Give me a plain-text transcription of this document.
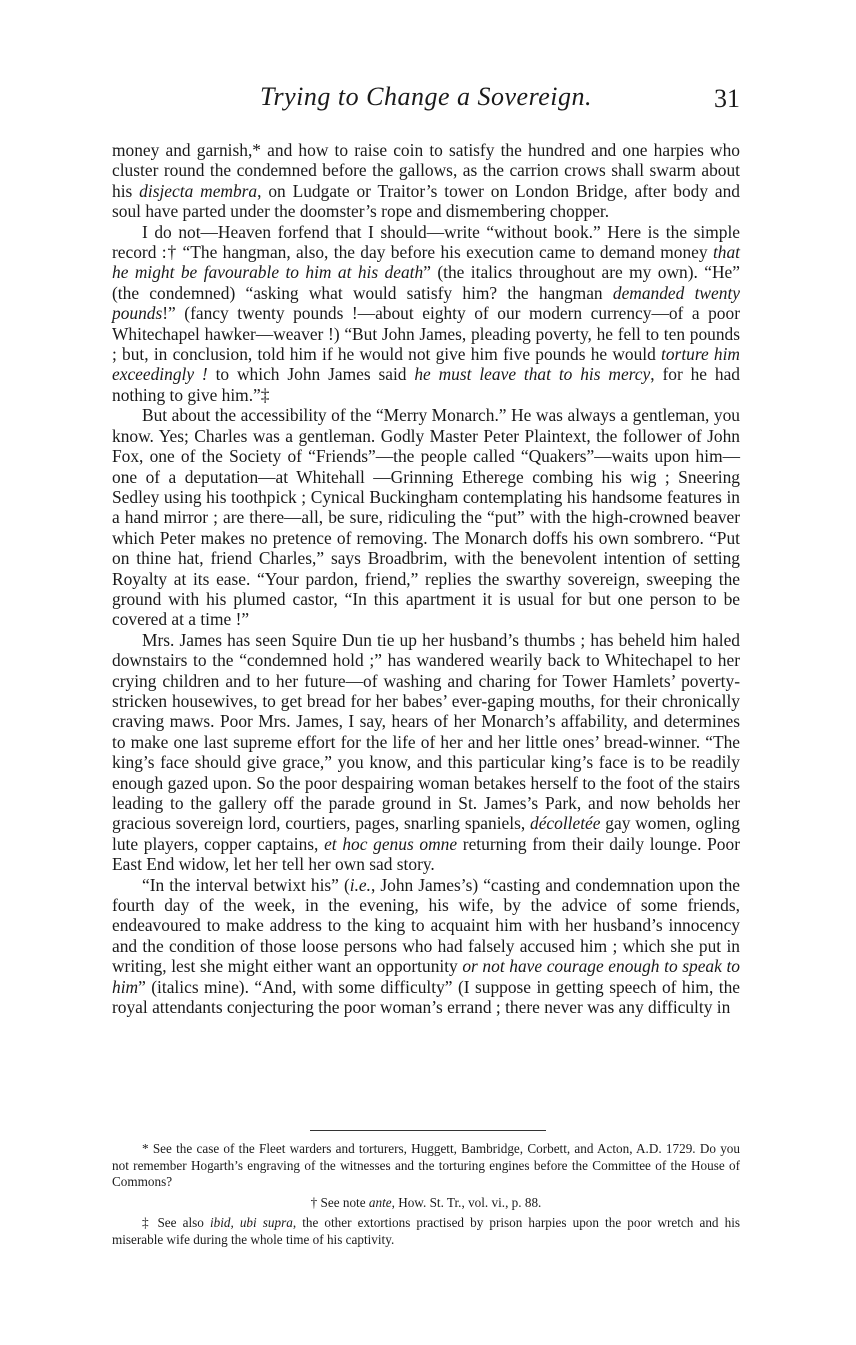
Trying to Change a Sovereign.	31

money and garnish,* and how to raise coin to satisfy the hundred and one harpies who cluster round the condemned before the gallows, as the carrion crows shall swarm about his disjecta membra, on Ludgate or Traitor’s tower on London Bridge, after body and soul have parted under the doomster’s rope and dismembering chopper.

I do not—Heaven forfend that I should—write “without book.” Here is the simple record :† “The hangman, also, the day before his execution came to demand money that he might be favourable to him at his death” (the italics throughout are my own). “He” (the condemned) “asking what would satisfy him? the hangman demanded twenty pounds!” (fancy twenty pounds !—about eighty of our modern currency—of a poor Whitechapel hawker—weaver !) “But John James, pleading poverty, he fell to ten pounds ; but, in conclusion, told him if he would not give him five pounds he would torture him exceedingly ! to which John James said he must leave that to his mercy, for he had nothing to give him.”‡

But about the accessibility of the “Merry Monarch.” He was always a gentleman, you know. Yes; Charles was a gentleman. Godly Master Peter Plaintext, the follower of John Fox, one of the Society of “Friends”—the people called “Quakers”—waits upon him—one of a deputation—at Whitehall —Grinning Etherege combing his wig ; Sneering Sedley using his toothpick ; Cynical Buckingham contemplating his handsome features in a hand mirror ; are there—all, be sure, ridiculing the “put” with the high-crowned beaver which Peter makes no pretence of removing. The Monarch doffs his own sombrero. “Put on thine hat, friend Charles,” says Broadbrim, with the benevolent intention of setting Royalty at its ease. “Your pardon, friend,” replies the swarthy sovereign, sweeping the ground with his plumed castor, “In this apartment it is usual for but one person to be covered at a time !”

Mrs. James has seen Squire Dun tie up her husband’s thumbs ; has beheld him haled downstairs to the “condemned hold ;” has wandered wearily back to Whitechapel to her crying children and to her future—of washing and charing for Tower Hamlets’ poverty-stricken housewives, to get bread for her babes’ ever-gaping mouths, for their chronically craving maws. Poor Mrs. James, I say, hears of her Monarch’s affability, and determines to make one last supreme effort for the life of her and her little ones’ bread-winner. “The king’s face should give grace,” you know, and this particular king’s face is to be readily enough gazed upon. So the poor despairing woman betakes herself to the foot of the stairs leading to the gallery off the parade ground in St. James’s Park, and now beholds her gracious sovereign lord, courtiers, pages, snarling spaniels, décolletée gay women, ogling lute players, copper captains, et hoc genus omne returning from their daily lounge. Poor East End widow, let her tell her own sad story.

“In the interval betwixt his” (i.e., John James’s) “casting and condemnation upon the fourth day of the week, in the evening, his wife, by the advice of some friends, endeavoured to make address to the king to acquaint him with her husband’s innocency and the condition of those loose persons who had falsely accused him ; which she put in writing, lest she might either want an opportunity or not have courage enough to speak to him” (italics mine). “And, with some difficulty” (I suppose in getting speech of him, the royal attendants conjecturing the poor woman’s errand ; there never was any difficulty in

* See the case of the Fleet warders and torturers, Huggett, Bambridge, Corbett, and Acton, A.D. 1729. Do you not remember Hogarth’s engraving of the witnesses and the torturing engines before the Committee of the House of Commons?

† See note ante, How. St. Tr., vol. vi., p. 88.

‡ See also ibid, ubi supra, the other extortions practised by prison harpies upon the poor wretch and his miserable wife during the whole time of his captivity.
